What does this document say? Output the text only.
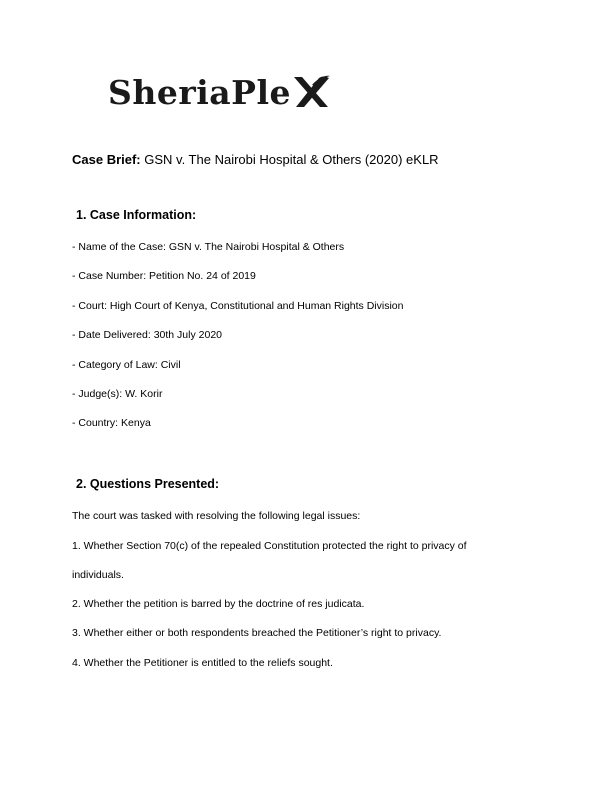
SheriaPle
Case Brief: GSN v. The Nairobi Hospital & Others (2020) eKLR
1. Case Information:
- Name of the Case: GSN v. The Nairobi Hospital & Others
- Case Number: Petition No. 24 of 2019
- Court: High Court of Kenya, Constitutional and Human Rights Division
- Date Delivered: 30th July 2020
- Category of Law: Civil
- Judge(s): W. Korir
- Country: Kenya
2. Questions Presented:
The court was tasked with resolving the following legal issues:
1. Whether Section 70(c) of the repealed Constitution protected the right to privacy of
individuals.
2. Whether the petition is barred by the doctrine of res judicata.
3. Whether either or both respondents breached the Petitioner’s right to privacy.
4. Whether the Petitioner is entitled to the reliefs sought.
